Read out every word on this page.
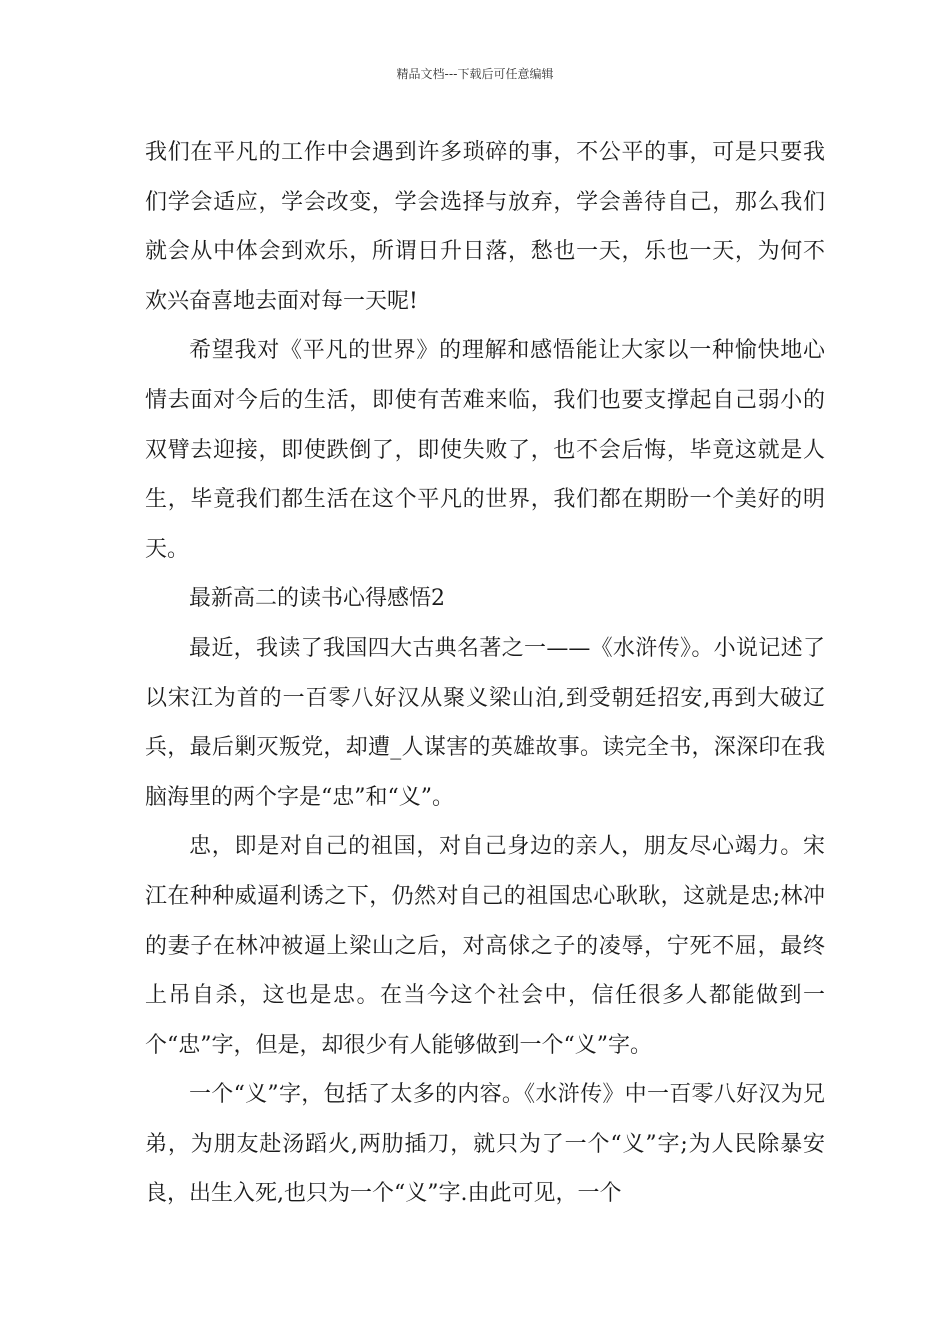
精品文档---下载后可任意编辑

我们在平凡的工作中会遇到许多琐碎的事，不公平的事，可是只要我们学会适应，学会改变，学会选择与放弃，学会善待自己，那么我们就会从中体会到欢乐，所谓日升日落，愁也一天，乐也一天，为何不欢兴奋喜地去面对每一天呢!

希望我对《平凡的世界》的理解和感悟能让大家以一种愉快地心情去面对今后的生活，即使有苦难来临，我们也要支撑起自己弱小的双臂去迎接，即使跌倒了，即使失败了，也不会后悔，毕竟这就是人生，毕竟我们都生活在这个平凡的世界，我们都在期盼一个美好的明天。

最新高二的读书心得感悟2

最近，我读了我国四大古典名著之一——《水浒传》。小说记述了以宋江为首的一百零八好汉从聚义梁山泊,到受朝廷招安,再到大破辽兵，最后剿灭叛党，却遭_人谋害的英雄故事。读完全书，深深印在我脑海里的两个字是“忠”和“义”。

忠，即是对自己的祖国，对自己身边的亲人，朋友尽心竭力。宋江在种种威逼利诱之下，仍然对自己的祖国忠心耿耿，这就是忠;林冲的妻子在林冲被逼上梁山之后，对高俅之子的凌辱，宁死不屈，最终上吊自杀，这也是忠。在当今这个社会中，信任很多人都能做到一个“忠”字，但是，却很少有人能够做到一个“义”字。

一个“义”字，包括了太多的内容。《水浒传》中一百零八好汉为兄弟，为朋友赴汤蹈火,两肋插刀，就只为了一个“义”字;为人民除暴安良，出生入死,也只为一个“义”字.由此可见，一个
